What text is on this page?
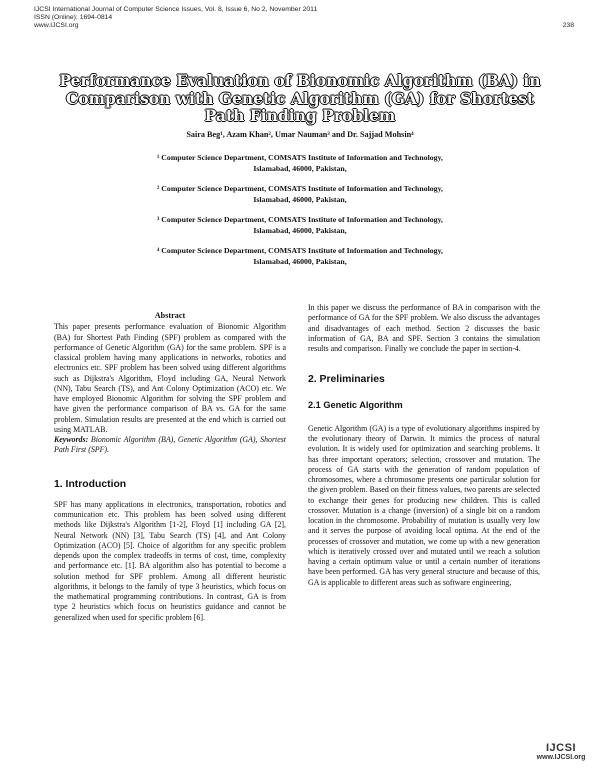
IJCSI International Journal of Computer Science Issues, Vol. 8, Issue 6, No 2, November 2011
ISSN (Online): 1694-0814
www.IJCSI.org	238
Performance Evaluation of Bionomic Algorithm (BA) in
Comparison with Genetic Algorithm (GA) for Shortest
Path Finding Problem
Saira Beg¹, Azam Khan², Umar Nauman³ and Dr. Sajjad Mohsin⁴
¹ Computer Science Department, COMSATS Institute of Information and Technology,
Islamabad, 46000, Pakistan,
² Computer Science Department, COMSATS Institute of Information and Technology,
Islamabad, 46000, Pakistan,
³ Computer Science Department, COMSATS Institute of Information and Technology,
Islamabad, 46000, Pakistan,
⁴ Computer Science Department, COMSATS Institute of Information and Technology,
Islamabad, 46000, Pakistan,
Abstract

This paper presents performance evaluation of Bionomic Algorithm (BA) for Shortest Path Finding (SPF) problem as compared with the performance of Genetic Algorithm (GA) for the same problem. SPF is a classical problem having many applications in networks, robotics and electronics etc. SPF problem has been solved using different algorithms such as Dijkstra's Algorithm, Floyd including GA, Neural Network (NN), Tabu Search (TS), and Ant Colony Optimization (ACO) etc. We have employed Bionomic Algorithm for solving the SPF problem and have given the performance comparison of BA vs. GA for the same problem. Simulation results are presented at the end which is carried out using MATLAB.

Keywords: Bionomic Algorithm (BA), Genetic Algorithm (GA), Shortest Path First (SPF).

1. Introduction

SPF has many applications in electronics, transportation, robotics and communication etc. This problem has been solved using different methods like Dijkstra's Algorithm [1-2], Floyd [1] including GA [2], Neural Network (NN) [3], Tabu Search (TS) [4], and Ant Colony Optimization (ACO) [5]. Choice of algorithm for any specific problem depends upon the complex tradeoffs in terms of cost, time, complexity and performance etc. [1]. BA algorithm also has potential to become a solution method for SPF problem. Among all different heuristic algorithms, it belongs to the family of type 3 heuristics, which focus on the mathematical programming contributions. In contrast, GA is from type 2 heuristics which focus on heuristics guidance and cannot be generalized when used for specific problem [6].

In this paper we discuss the performance of BA in comparison with the performance of GA for the SPF problem. We also discuss the advantages and disadvantages of each method. Section 2 discusses the basic information of GA, BA and SPF. Section 3 contains the simulation results and comparison. Finally we conclude the paper in section-4.

2. Preliminaries
2.1 Genetic Algorithm

Genetic Algorithm (GA) is a type of evolutionary algorithms inspired by the evolutionary theory of Darwin. It mimics the process of natural evolution. It is widely used for optimization and searching problems. It has three important operators; selection, crossover and mutation. The process of GA starts with the generation of random population of chromosomes, where a chromosome presents one particular solution for the given problem. Based on their fitness values, two parents are selected to exchange their genes for producing new children. This is called crossover. Mutation is a change (inversion) of a single bit on a random location in the chromosome. Probability of mutation is usually very low and it serves the purpose of avoiding local optima. At the end of the processes of crossover and mutation, we come up with a new generation which is iteratively crossed over and mutated until we reach a solution having a certain optimum value or until a certain number of iterations have been performed. GA has very general structure and because of this, GA is applicable to different areas such as software engineering,

IJCSI
www.IJCSI.org
